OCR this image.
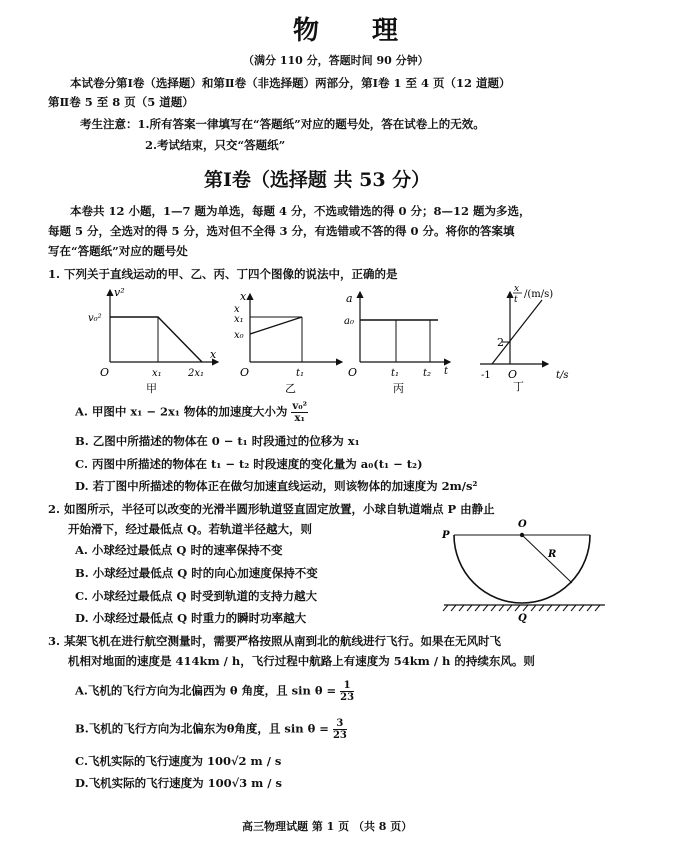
物 理
（满分 110 分，答题时间 90 分钟）
本试卷分第Ⅰ卷（选择题）和第Ⅱ卷（非选择题）两部分，第Ⅰ卷 1 至 4 页（12 道题）
第Ⅱ卷 5 至 8 页（5 道题）
考生注意：1.所有答案一律填写在“答题纸”对应的题号处，答在试卷上的无效。
2.考试结束，只交“答题纸”
第Ⅰ卷（选择题 共 53 分）
本卷共 12 小题，1—7 题为单选，每题 4 分，不选或错选的得 0 分；8—12 题为多选，
每题 5 分，全选对的得 5 分，选对但不全得 3 分，有选错或不答的得 0 分。将你的答案填
写在“答题纸”对应的题号处
1. 下列关于直线运动的甲、乙、丙、丁四个图像的说法中，正确的是
v²
v₀²
x
x₁	2x₁
O
甲
x
x
x₁
x₀
t₁
O
乙
a
a₀
t₁ t₂ t
O
丙
x
t /(m/s)
2
-1 O	t/s
丁
A. 甲图中 x₁ − 2x₁ 物体的加速度大小为 $\frac{\text{v₀²}}{\text{x₁}}$
B. 乙图中所描述的物体在 0 − t₁ 时段通过的位移为 x₁
C. 丙图中所描述的物体在 t₁ − t₂ 时段速度的变化量为 a₀(t₁ − t₂)
D. 若丁图中所描述的物体正在做匀加速直线运动，则该物体的加速度为 2m/s²
2. 如图所示，半径可以改变的光滑半圆形轨道竖直固定放置，小球自轨道端点 P 由静止
开始滑下，经过最低点 Q。若轨道半径越大，则
A. 小球经过最低点 Q 时的速率保持不变
B. 小球经过最低点 Q 时的向心加速度保持不变
C. 小球经过最低点 Q 时受到轨道的支持力越大
D. 小球经过最低点 Q 时重力的瞬时功率越大
P
O
R
Q
3. 某架飞机在进行航空测量时，需要严格按照从南到北的航线进行飞行。如果在无风时飞
机相对地面的速度是 414km / h，飞行过程中航路上有速度为 54km / h 的持续东风。则
A.飞机的飞行方向为北偏西为 θ 角度，且 $\sin \theta = \frac{1}{23}$
B.飞机的飞行方向为北偏东为θ角度，且 $\sin \theta = \frac{3}{23}$
C.飞机实际的飞行速度为 100√2 m / s
D.飞机实际的飞行速度为 100√3 m / s
高三物理试题 第 1 页 （共 8 页）
